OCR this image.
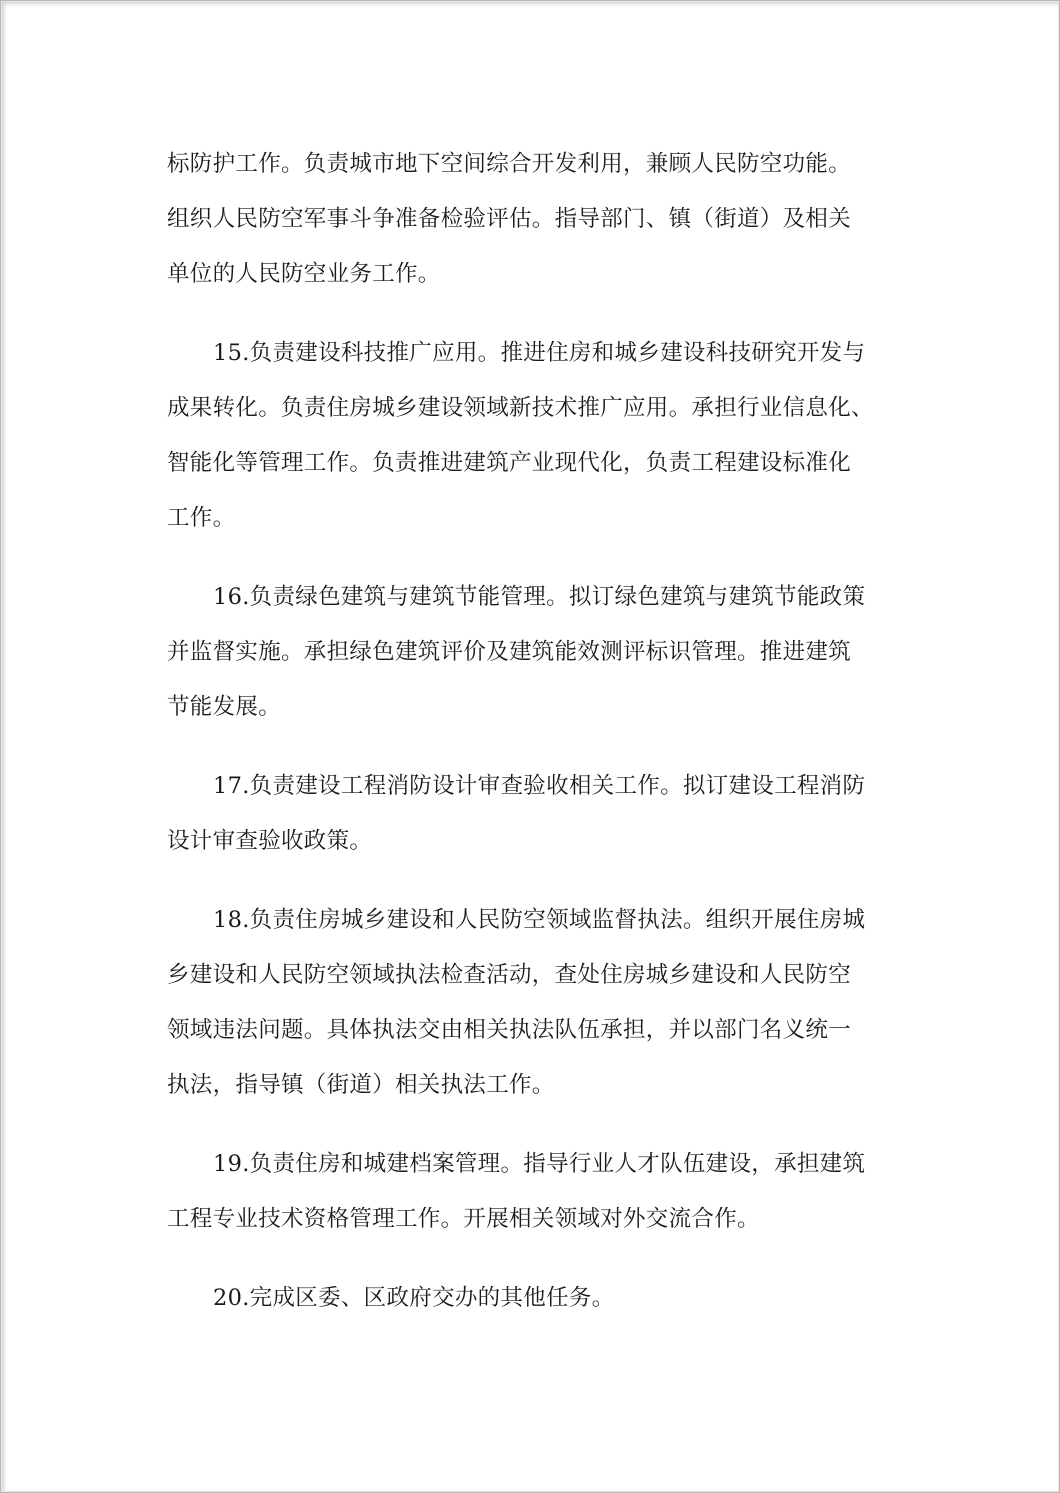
标防护工作。负责城市地下空间综合开发利用，兼顾人民防空功能。
组织人民防空军事斗争准备检验评估。指导部门、镇（街道）及相关
单位的人民防空业务工作。

15.负责建设科技推广应用。推进住房和城乡建设科技研究开发与
成果转化。负责住房城乡建设领域新技术推广应用。承担行业信息化、
智能化等管理工作。负责推进建筑产业现代化，负责工程建设标准化
工作。

16.负责绿色建筑与建筑节能管理。拟订绿色建筑与建筑节能政策
并监督实施。承担绿色建筑评价及建筑能效测评标识管理。推进建筑
节能发展。

17.负责建设工程消防设计审查验收相关工作。拟订建设工程消防
设计审查验收政策。

18.负责住房城乡建设和人民防空领域监督执法。组织开展住房城
乡建设和人民防空领域执法检查活动，查处住房城乡建设和人民防空
领域违法问题。具体执法交由相关执法队伍承担，并以部门名义统一
执法，指导镇（街道）相关执法工作。

19.负责住房和城建档案管理。指导行业人才队伍建设，承担建筑
工程专业技术资格管理工作。开展相关领域对外交流合作。

20.完成区委、区政府交办的其他任务。
